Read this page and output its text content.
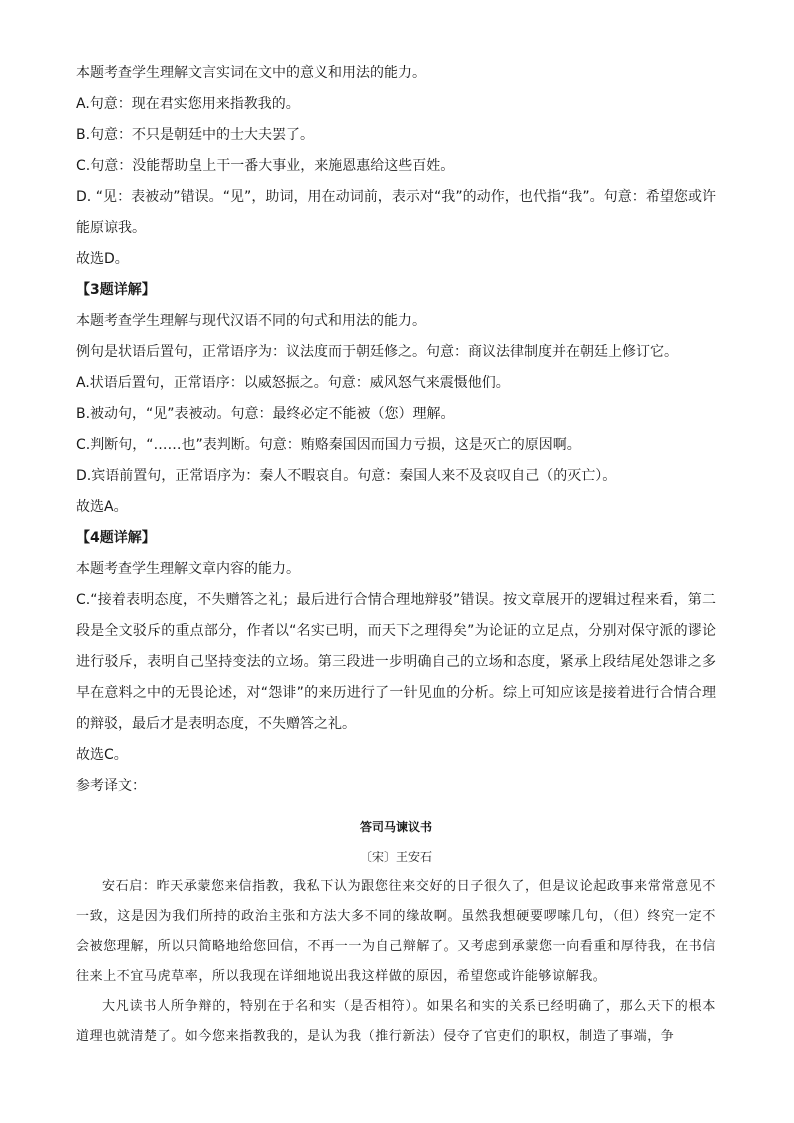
本题考查学生理解文言实词在文中的意义和用法的能力。
A.句意：现在君实您用来指教我的。
B.句意：不只是朝廷中的士大夫罢了。
C.句意：没能帮助皇上干一番大事业，来施恩惠给这些百姓。
D. “见：表被动”错误。“见”，助词，用在动词前，表示对“我”的动作，也代指“我”。句意：希望您或许能原谅我。
故选D。
【3题详解】
本题考查学生理解与现代汉语不同的句式和用法的能力。
例句是状语后置句，正常语序为：议法度而于朝廷修之。句意：商议法律制度并在朝廷上修订它。
A.状语后置句，正常语序：以威怒振之。句意：威风怒气来震慑他们。
B.被动句，“见”表被动。句意：最终必定不能被（您）理解。
C.判断句，“……也”表判断。句意：贿赂秦国因而国力亏损，这是灭亡的原因啊。
D.宾语前置句，正常语序为：秦人不暇哀自。句意：秦国人来不及哀叹自己（的灭亡）。
故选A。
【4题详解】
本题考查学生理解文章内容的能力。
C.“接着表明态度，不失赠答之礼；最后进行合情合理地辩驳”错误。按文章展开的逻辑过程来看，第二段是全文驳斥的重点部分，作者以“名实已明，而天下之理得矣”为论证的立足点，分别对保守派的谬论进行驳斥，表明自己坚持变法的立场。第三段进一步明确自己的立场和态度，紧承上段结尾处怨诽之多早在意料之中的无畏论述，对“怨诽”的来历进行了一针见血的分析。综上可知应该是接着进行合情合理的辩驳，最后才是表明态度，不失赠答之礼。
故选C。
参考译文：
答司马谏议书
〔宋〕王安石
安石启：昨天承蒙您来信指教，我私下认为跟您往来交好的日子很久了，但是议论起政事来常常意见不一致，这是因为我们所持的政治主张和方法大多不同的缘故啊。虽然我想硬要啰嗦几句，（但）终究一定不会被您理解，所以只简略地给您回信，不再一一为自己辩解了。又考虑到承蒙您一向看重和厚待我，在书信往来上不宜马虎草率，所以我现在详细地说出我这样做的原因，希望您或许能够谅解我。
大凡读书人所争辩的，特别在于名和实（是否相符）。如果名和实的关系已经明确了，那么天下的根本道理也就清楚了。如今您来指教我的，是认为我（推行新法）侵夺了官吏们的职权，制造了事端，争
